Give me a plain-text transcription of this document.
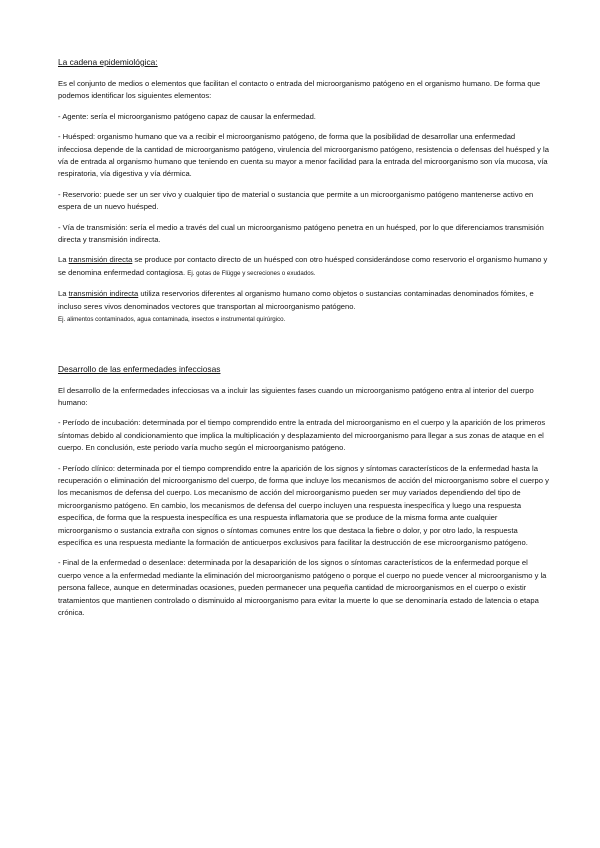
La cadena epidemiológica:

Es el conjunto de medios o elementos que facilitan el contacto o entrada del microorganismo patógeno en el organismo humano. De forma que podemos identificar los siguientes elementos:

- Agente: sería el microorganismo patógeno capaz de causar la enfermedad.

- Huésped: organismo humano que va a recibir el microorganismo patógeno, de forma que la posibilidad de desarrollar una enfermedad infecciosa depende de la cantidad de microorganismo patógeno, virulencia del microorganismo patógeno, resistencia o defensas del huésped y la vía de entrada al organismo humano que teniendo en cuenta su mayor a menor facilidad para la entrada del microorganismo son vía mucosa, vía respiratoria, vía digestiva y vía dérmica.

- Reservorio: puede ser un ser vivo y cualquier tipo de material o sustancia que permite a un microorganismo patógeno mantenerse activo en espera de un nuevo huésped.

- Vía de transmisión: sería el medio a través del cual un microorganismo patógeno penetra en un huésped, por lo que diferenciamos transmisión directa y transmisión indirecta.

La transmisión directa se produce por contacto directo de un huésped con otro huésped considerándose como reservorio el organismo humano y se denomina enfermedad contagiosa. Ej. gotas de Flügge y secreciones o exudados.

La transmisión indirecta utiliza reservorios diferentes al organismo humano como objetos o sustancias contaminadas denominados fómites, e incluso seres vivos denominados vectores que transportan al microorganismo patógeno.
Ej. alimentos contaminados, agua contaminada, insectos e instrumental quirúrgico.

Desarrollo de las enfermedades infecciosas

El desarrollo de la enfermedades infecciosas va a incluir las siguientes fases cuando un microorganismo patógeno entra al interior del cuerpo humano:

- Período de incubación: determinada por el tiempo comprendido entre la entrada del microorganismo en el cuerpo y la aparición de los primeros síntomas debido al condicionamiento que implica la multiplicación y desplazamiento del microorganismo para llegar a sus zonas de ataque en el cuerpo. En conclusión, este periodo varía mucho según el microorganismo patógeno.

- Período clínico: determinada por el tiempo comprendido entre la aparición de los signos y síntomas característicos de la enfermedad hasta la recuperación o eliminación del microorganismo del cuerpo, de forma que incluye los mecanismos de acción del microorganismo sobre el cuerpo y los mecanismos de defensa del cuerpo. Los mecanismo de acción del microorganismo pueden ser muy variados dependiendo del tipo de microorganismo patógeno. En cambio, los mecanismos de defensa del cuerpo incluyen una respuesta inespecífica y luego una respuesta específica, de forma que la respuesta inespecífica es una respuesta inflamatoria que se produce de la misma forma ante cualquier microorganismo o sustancia extraña con signos o síntomas comunes entre los que destaca la fiebre o dolor, y por otro lado, la respuesta específica es una respuesta mediante la formación de anticuerpos exclusivos para facilitar la destrucción de ese microorganismo patógeno.

- Final de la enfermedad o desenlace: determinada por la desaparición de los signos o síntomas característicos de la enfermedad porque el cuerpo vence a la enfermedad mediante la eliminación del microorganismo patógeno o porque el cuerpo no puede vencer al microorganismo y la persona fallece, aunque en determinadas ocasiones, pueden permanecer una pequeña cantidad de microorganismos en el cuerpo o existir tratamientos que mantienen controlado o disminuido al microorganismo para evitar la muerte lo que se denominaría estado de latencia o etapa crónica.
